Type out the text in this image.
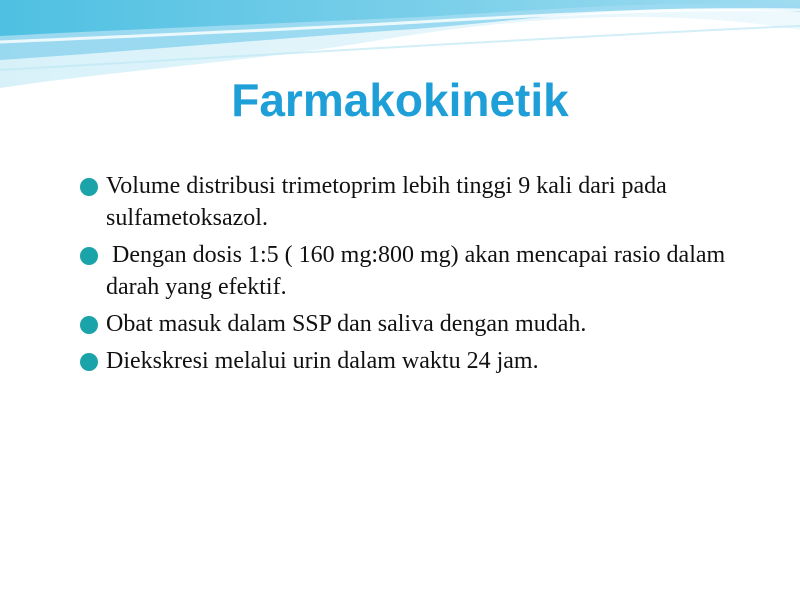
Farmakokinetik
Volume distribusi trimetoprim lebih tinggi 9 kali dari pada sulfametoksazol.
Dengan dosis 1:5 ( 160 mg:800 mg) akan mencapai rasio dalam darah yang efektif.
Obat masuk dalam SSP dan saliva dengan mudah.
Diekskresi melalui urin dalam waktu 24 jam.
